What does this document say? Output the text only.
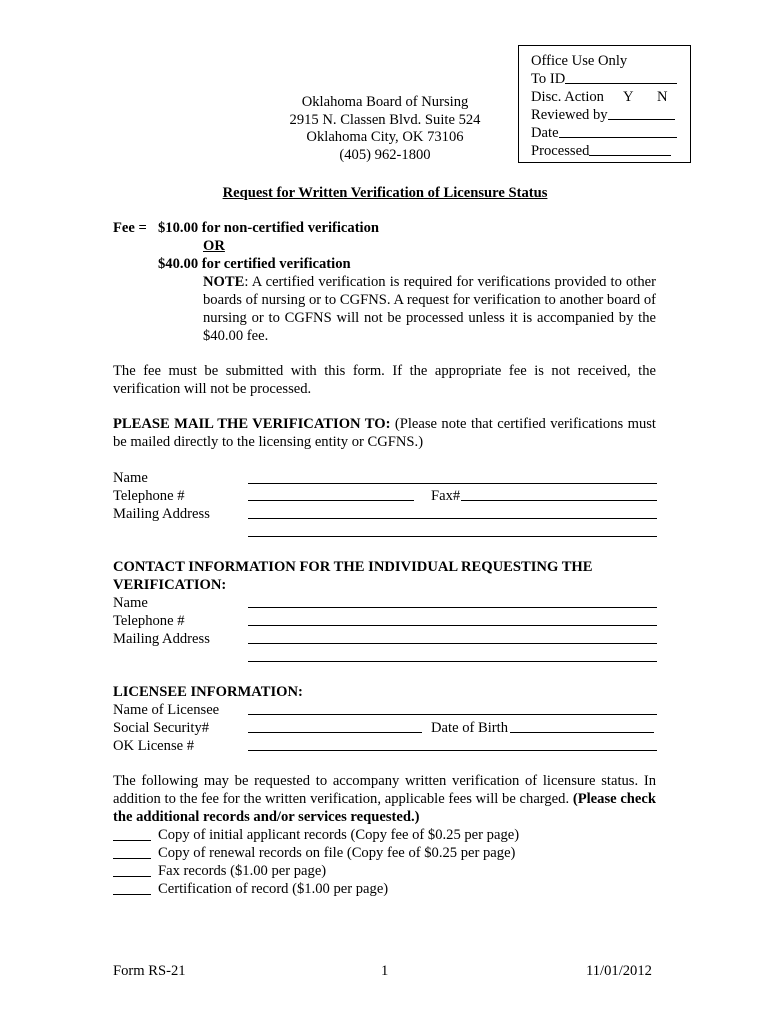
Office Use Only
To ID
Disc. Action Y N
Reviewed by
Date
Processed
Oklahoma Board of Nursing
2915 N. Classen Blvd. Suite 524
Oklahoma City, OK 73106
(405) 962-1800
Request for Written Verification of Licensure Status
Fee = $10.00 for non-certified verification
OR
$40.00 for certified verification
NOTE: A certified verification is required for verifications provided to other boards of nursing or to CGFNS. A request for verification to another board of nursing or to CGFNS will not be processed unless it is accompanied by the $40.00 fee.
The fee must be submitted with this form. If the appropriate fee is not received, the verification will not be processed.
PLEASE MAIL THE VERIFICATION TO: (Please note that certified verifications must be mailed directly to the licensing entity or CGFNS.)
Name
Telephone #	Fax#
Mailing Address
CONTACT INFORMATION FOR THE INDIVIDUAL REQUESTING THE
VERIFICATION:
Name
Telephone #
Mailing Address
LICENSEE INFORMATION:
Name of Licensee
Social Security#	Date of Birth
OK License #
The following may be requested to accompany written verification of licensure status. In addition to the fee for the written verification, applicable fees will be charged. (Please check the additional records and/or services requested.)
Copy of initial applicant records (Copy fee of $0.25 per page)
Copy of renewal records on file (Copy fee of $0.25 per page)
Fax records ($1.00 per page)
Certification of record ($1.00 per page)
Form RS-21	1	11/01/2012
